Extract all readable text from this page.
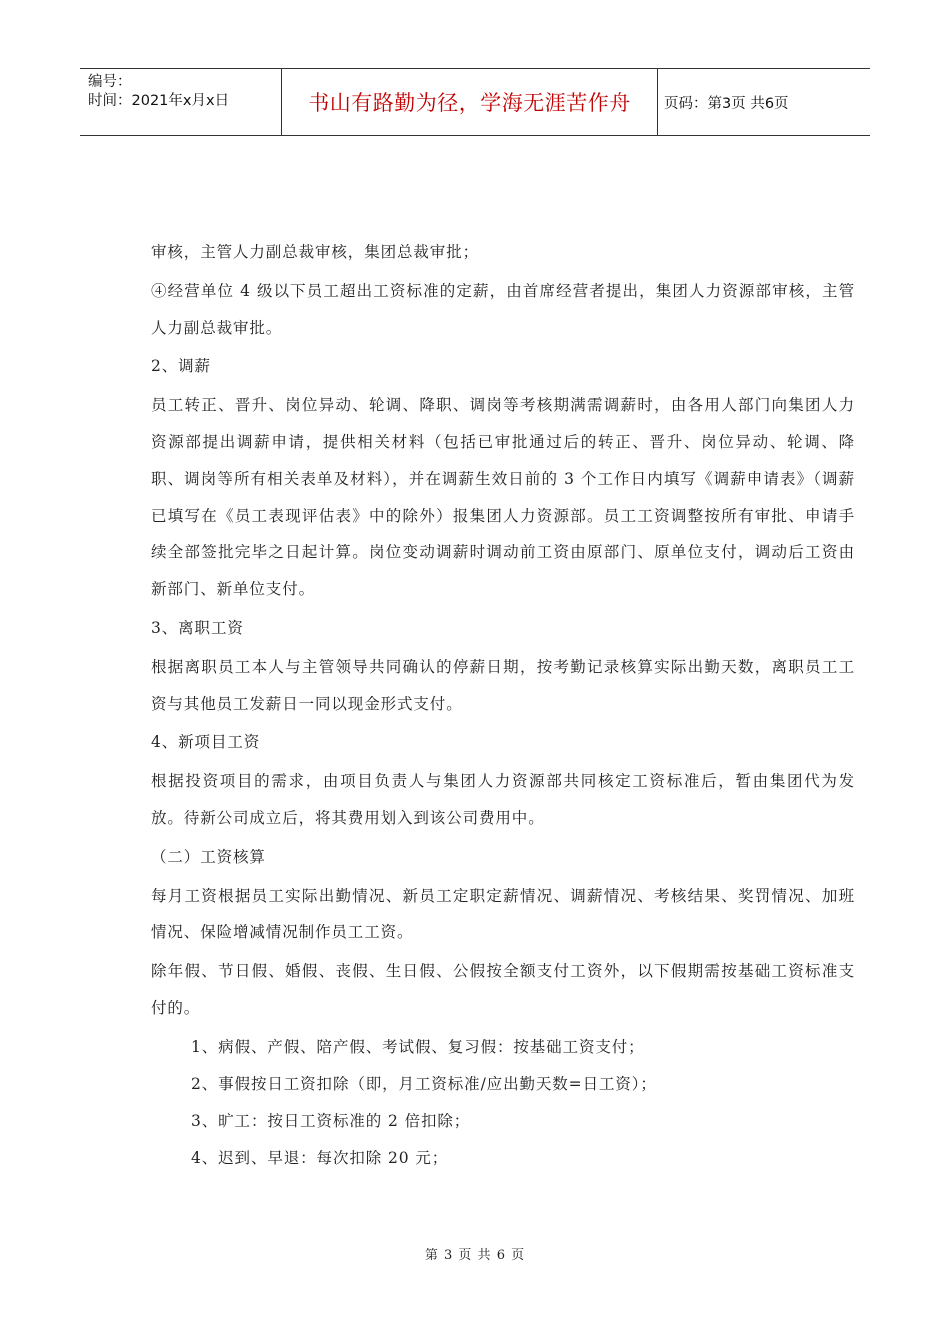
编号：
时间：2021年x月x日	书山有路勤为径，学海无涯苦作舟	页码：第3页 共6页

审核，主管人力副总裁审核，集团总裁审批；

④经营单位 4 级以下员工超出工资标准的定薪，由首席经营者提出，集团人力资源部审核，主管人力副总裁审批。

2、调薪

员工转正、晋升、岗位异动、轮调、降职、调岗等考核期满需调薪时，由各用人部门向集团人力资源部提出调薪申请，提供相关材料（包括已审批通过后的转正、晋升、岗位异动、轮调、降职、调岗等所有相关表单及材料），并在调薪生效日前的 3 个工作日内填写《调薪申请表》（调薪已填写在《员工表现评估表》中的除外）报集团人力资源部。员工工资调整按所有审批、申请手续全部签批完毕之日起计算。岗位变动调薪时调动前工资由原部门、原单位支付，调动后工资由新部门、新单位支付。

3、离职工资

根据离职员工本人与主管领导共同确认的停薪日期，按考勤记录核算实际出勤天数，离职员工工资与其他员工发薪日一同以现金形式支付。

4、新项目工资

根据投资项目的需求，由项目负责人与集团人力资源部共同核定工资标准后，暂由集团代为发放。待新公司成立后，将其费用划入到该公司费用中。

（二）工资核算

每月工资根据员工实际出勤情况、新员工定职定薪情况、调薪情况、考核结果、奖罚情况、加班情况、保险增减情况制作员工工资。

除年假、节日假、婚假、丧假、生日假、公假按全额支付工资外，以下假期需按基础工资标准支付的。

1、病假、产假、陪产假、考试假、复习假：按基础工资支付；

2、事假按日工资扣除（即，月工资标准/应出勤天数=日工资）；

3、旷工：按日工资标准的 2 倍扣除；

4、迟到、早退：每次扣除 20 元；

第 3 页 共 6 页
